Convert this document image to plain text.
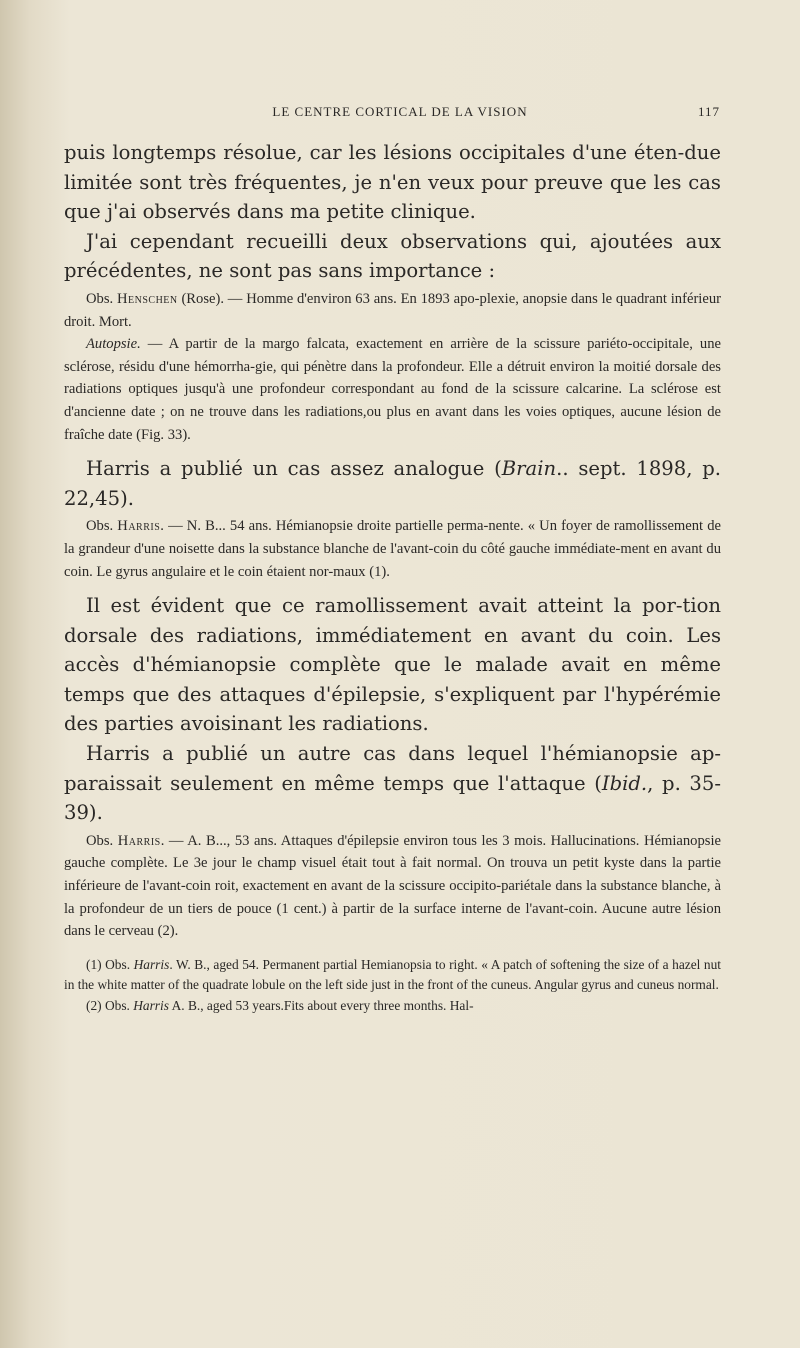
LE CENTRE CORTICAL DE LA VISION	117

puis longtemps résolue, car les lésions occipitales d'une éten-due limitée sont très fréquentes, je n'en veux pour preuve que les cas que j'ai observés dans ma petite clinique.

J'ai cependant recueilli deux observations qui, ajoutées aux précédentes, ne sont pas sans importance :

Obs. Henschen (Rose). — Homme d'environ 63 ans. En 1893 apo-plexie, anopsie dans le quadrant inférieur droit. Mort.

Autopsie. — A partir de la margo falcata, exactement en arrière de la scissure pariéto-occipitale, une sclérose, résidu d'une hémorrha-gie, qui pénètre dans la profondeur. Elle a détruit environ la moitié dorsale des radiations optiques jusqu'à une profondeur correspondant au fond de la scissure calcarine. La sclérose est d'ancienne date ; on ne trouve dans les radiations,ou plus en avant dans les voies optiques, aucune lésion de fraîche date (Fig. 33).

Harris a publié un cas assez analogue (Brain.. sept. 1898, p. 22,45).

Obs. Harris. — N. B... 54 ans. Hémianopsie droite partielle perma-nente. « Un foyer de ramollissement de la grandeur d'une noisette dans la substance blanche de l'avant-coin du côté gauche immédiate-ment en avant du coin. Le gyrus angulaire et le coin étaient nor-maux (1).

Il est évident que ce ramollissement avait atteint la por-tion dorsale des radiations, immédiatement en avant du coin. Les accès d'hémianopsie complète que le malade avait en même temps que des attaques d'épilepsie, s'expliquent par l'hypérémie des parties avoisinant les radiations.

Harris a publié un autre cas dans lequel l'hémianopsie ap-paraissait seulement en même temps que l'attaque (Ibid., p. 35-39).

Obs. Harris. — A. B..., 53 ans. Attaques d'épilepsie environ tous les 3 mois. Hallucinations. Hémianopsie gauche complète. Le 3e jour le champ visuel était tout à fait normal. On trouva un petit kyste dans la partie inférieure de l'avant-coin roit, exactement en avant de la scissure occipito-pariétale dans la substance blanche, à la profondeur de un tiers de pouce (1 cent.) à partir de la surface interne de l'avant-coin. Aucune autre lésion dans le cerveau (2).

(1) Obs. Harris. W. B., aged 54. Permanent partial Hemianopsia to right. « A patch of softening the size of a hazel nut in the white matter of the quadrate lobule on the left side just in the front of the cuneus. Angular gyrus and cuneus normal.

(2) Obs. Harris A. B., aged 53 years.Fits about every three months. Hal-
